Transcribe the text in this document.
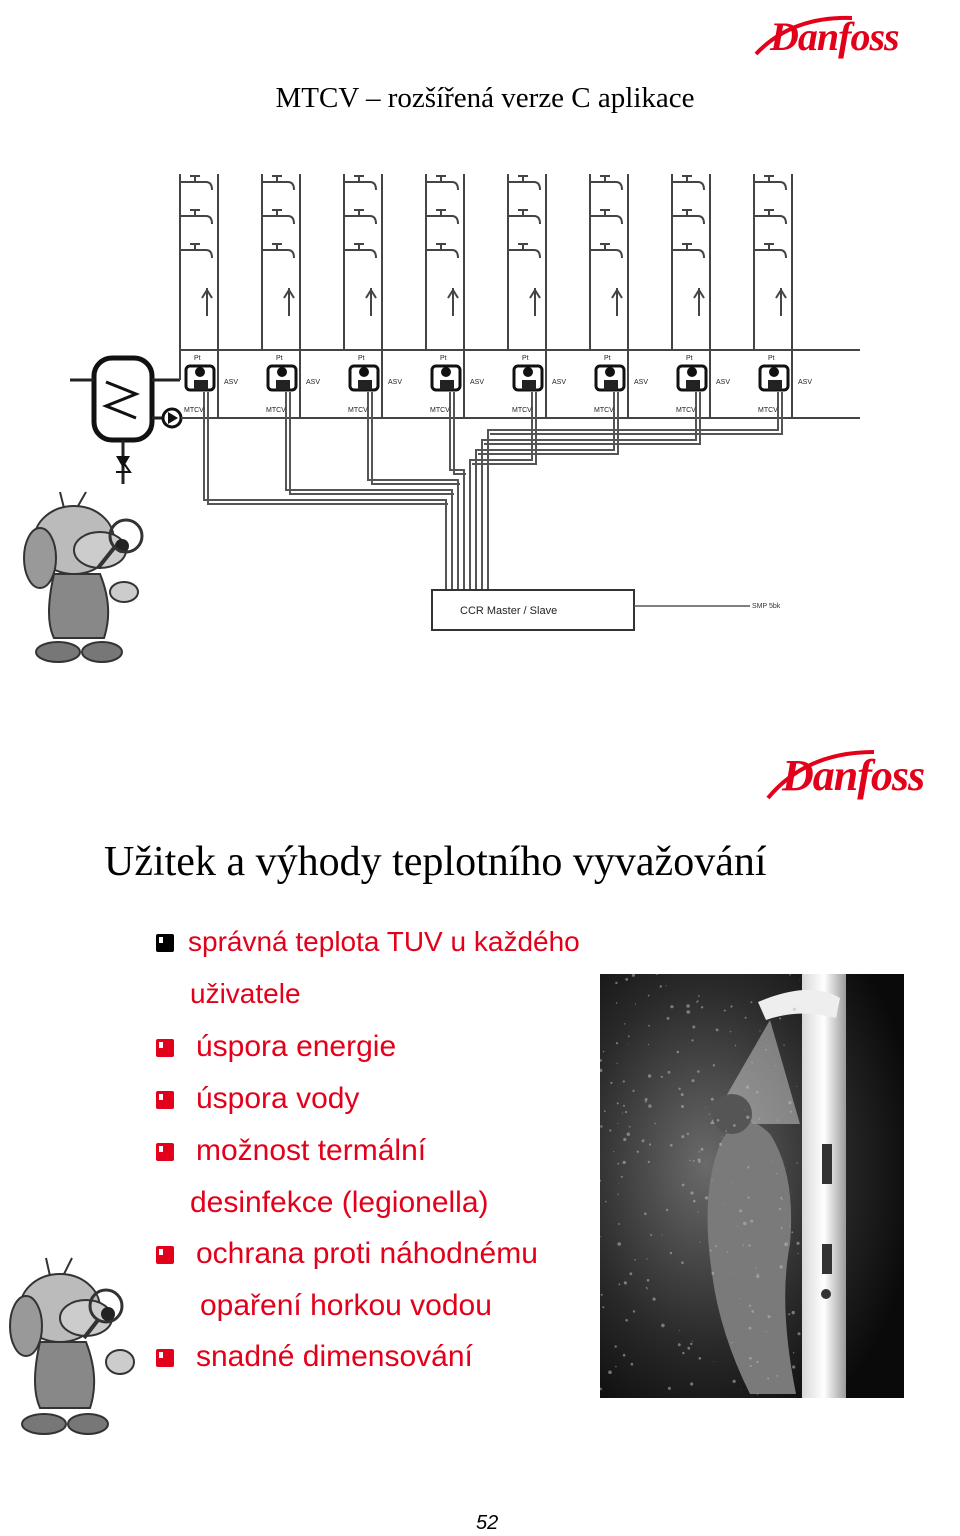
Danfoss
MTCV – rozšířená verze C aplikace
CCR Master / Slave	SMP 5bk
Pt
ASV
MTCV
Pt
ASV
MTCV
Pt
ASV
MTCV
Pt
ASV
MTCV
Pt
ASV
MTCV
Pt
ASV
MTCV
Pt
ASV
MTCV
Pt
ASV
MTCV
Danfoss
Užitek a výhody teplotního vyvažování
správná teplota TUV u každého
uživatele
úspora energie
úspora vody
možnost termální
desinfekce (legionella)
ochrana proti náhodnému
opaření horkou vodou
snadné dimensování
52
